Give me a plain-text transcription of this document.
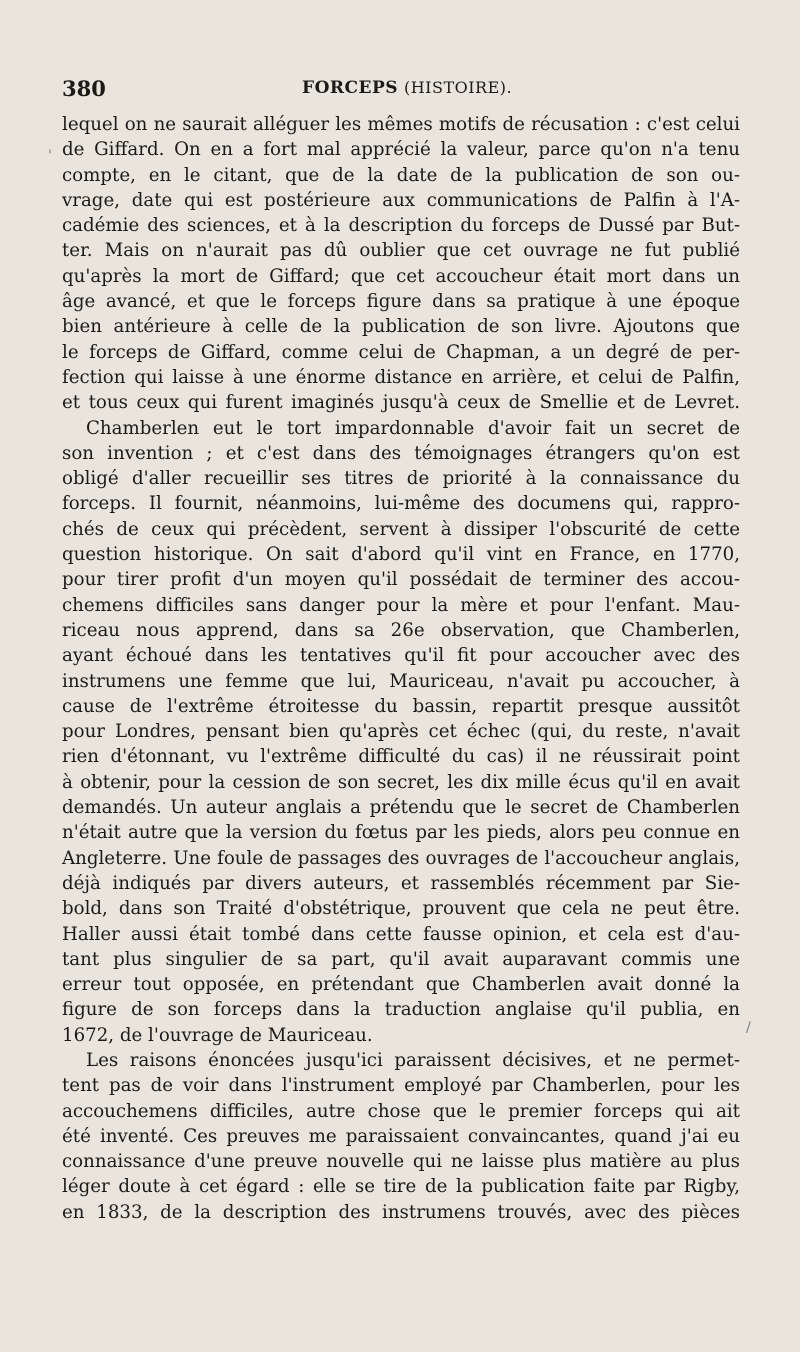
380	FORCEPS (HISTOIRE).
lequel on ne saurait alléguer les mêmes motifs de récusation : c'est celui
de Giffard. On en a fort mal apprécié la valeur, parce qu'on n'a tenu
compte, en le citant, que de la date de la publication de son ou-
vrage, date qui est postérieure aux communications de Palfin à l'A-
cadémie des sciences, et à la description du forceps de Dussé par But-
ter. Mais on n'aurait pas dû oublier que cet ouvrage ne fut publié
qu'après la mort de Giffard; que cet accoucheur était mort dans un
âge avancé, et que le forceps figure dans sa pratique à une époque
bien antérieure à celle de la publication de son livre. Ajoutons que
le forceps de Giffard, comme celui de Chapman, a un degré de per-
fection qui laisse à une énorme distance en arrière, et celui de Palfin,
et tous ceux qui furent imaginés jusqu'à ceux de Smellie et de Levret.
Chamberlen eut le tort impardonnable d'avoir fait un secret de
son invention ; et c'est dans des témoignages étrangers qu'on est
obligé d'aller recueillir ses titres de priorité à la connaissance du
forceps. Il fournit, néanmoins, lui-même des documens qui, rappro-
chés de ceux qui précèdent, servent à dissiper l'obscurité de cette
question historique. On sait d'abord qu'il vint en France, en 1770,
pour tirer profit d'un moyen qu'il possédait de terminer des accou-
chemens difficiles sans danger pour la mère et pour l'enfant. Mau-
riceau nous apprend, dans sa 26e observation, que Chamberlen,
ayant échoué dans les tentatives qu'il fit pour accoucher avec des
instrumens une femme que lui, Mauriceau, n'avait pu accoucher, à
cause de l'extrême étroitesse du bassin, repartit presque aussitôt
pour Londres, pensant bien qu'après cet échec (qui, du reste, n'avait
rien d'étonnant, vu l'extrême difficulté du cas) il ne réussirait point
à obtenir, pour la cession de son secret, les dix mille écus qu'il en avait
demandés. Un auteur anglais a prétendu que le secret de Chamberlen
n'était autre que la version du fœtus par les pieds, alors peu connue en
Angleterre. Une foule de passages des ouvrages de l'accoucheur anglais,
déjà indiqués par divers auteurs, et rassemblés récemment par Sie-
bold, dans son Traité d'obstétrique, prouvent que cela ne peut être.
Haller aussi était tombé dans cette fausse opinion, et cela est d'au-
tant plus singulier de sa part, qu'il avait auparavant commis une
erreur tout opposée, en prétendant que Chamberlen avait donné la
figure de son forceps dans la traduction anglaise qu'il publia, en
1672, de l'ouvrage de Mauriceau.
Les raisons énoncées jusqu'ici paraissent décisives, et ne permet-
tent pas de voir dans l'instrument employé par Chamberlen, pour les
accouchemens difficiles, autre chose que le premier forceps qui ait
été inventé. Ces preuves me paraissaient convaincantes, quand j'ai eu
connaissance d'une preuve nouvelle qui ne laisse plus matière au plus
léger doute à cet égard : elle se tire de la publication faite par Rigby,
en 1833, de la description des instrumens trouvés, avec des pièces
'
/
